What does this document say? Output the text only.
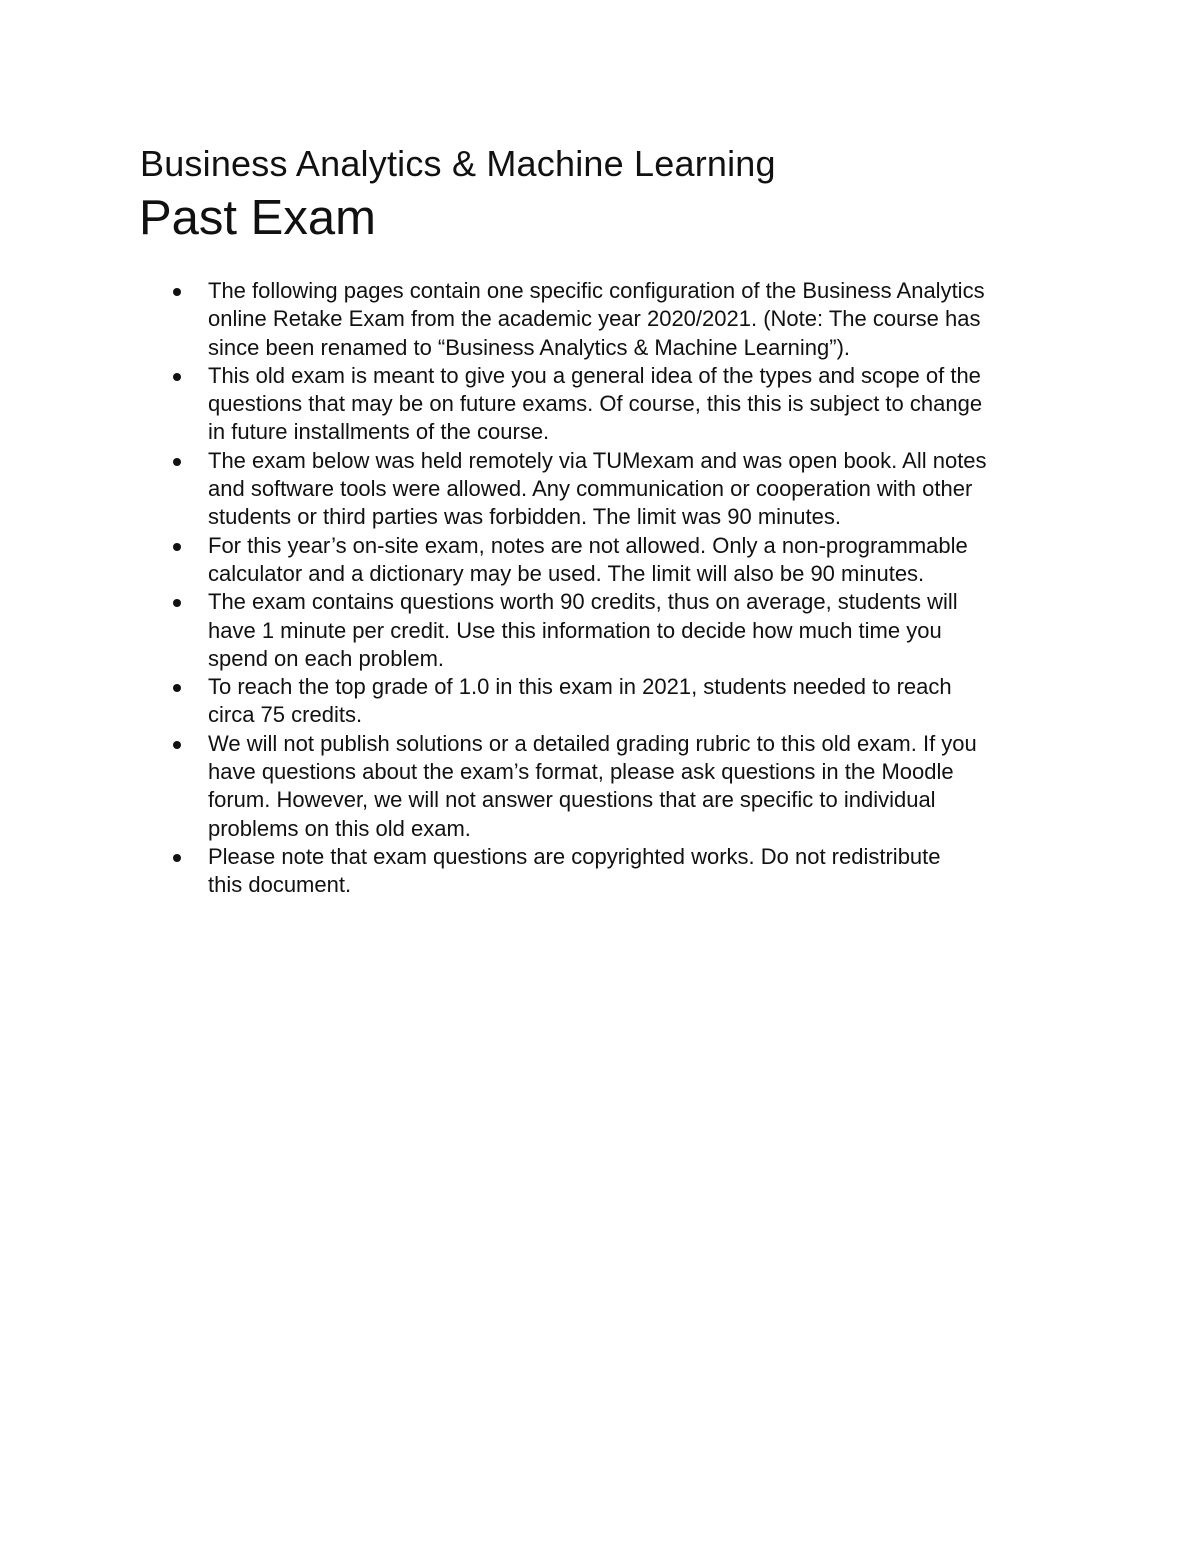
Business Analytics & Machine Learning
Past Exam
The following pages contain one specific configuration of the Business Analytics
online Retake Exam from the academic year 2020/2021. (Note: The course has
since been renamed to “Business Analytics & Machine Learning”).
This old exam is meant to give you a general idea of the types and scope of the
questions that may be on future exams. Of course, this this is subject to change
in future installments of the course.
The exam below was held remotely via TUMexam and was open book. All notes
and software tools were allowed. Any communication or cooperation with other
students or third parties was forbidden. The limit was 90 minutes.
For this year’s on-site exam, notes are not allowed. Only a non-programmable
calculator and a dictionary may be used. The limit will also be 90 minutes.
The exam contains questions worth 90 credits, thus on average, students will
have 1 minute per credit. Use this information to decide how much time you
spend on each problem.
To reach the top grade of 1.0 in this exam in 2021, students needed to reach
circa 75 credits.
We will not publish solutions or a detailed grading rubric to this old exam. If you
have questions about the exam’s format, please ask questions in the Moodle
forum. However, we will not answer questions that are specific to individual
problems on this old exam.
Please note that exam questions are copyrighted works. Do not redistribute
this document.
